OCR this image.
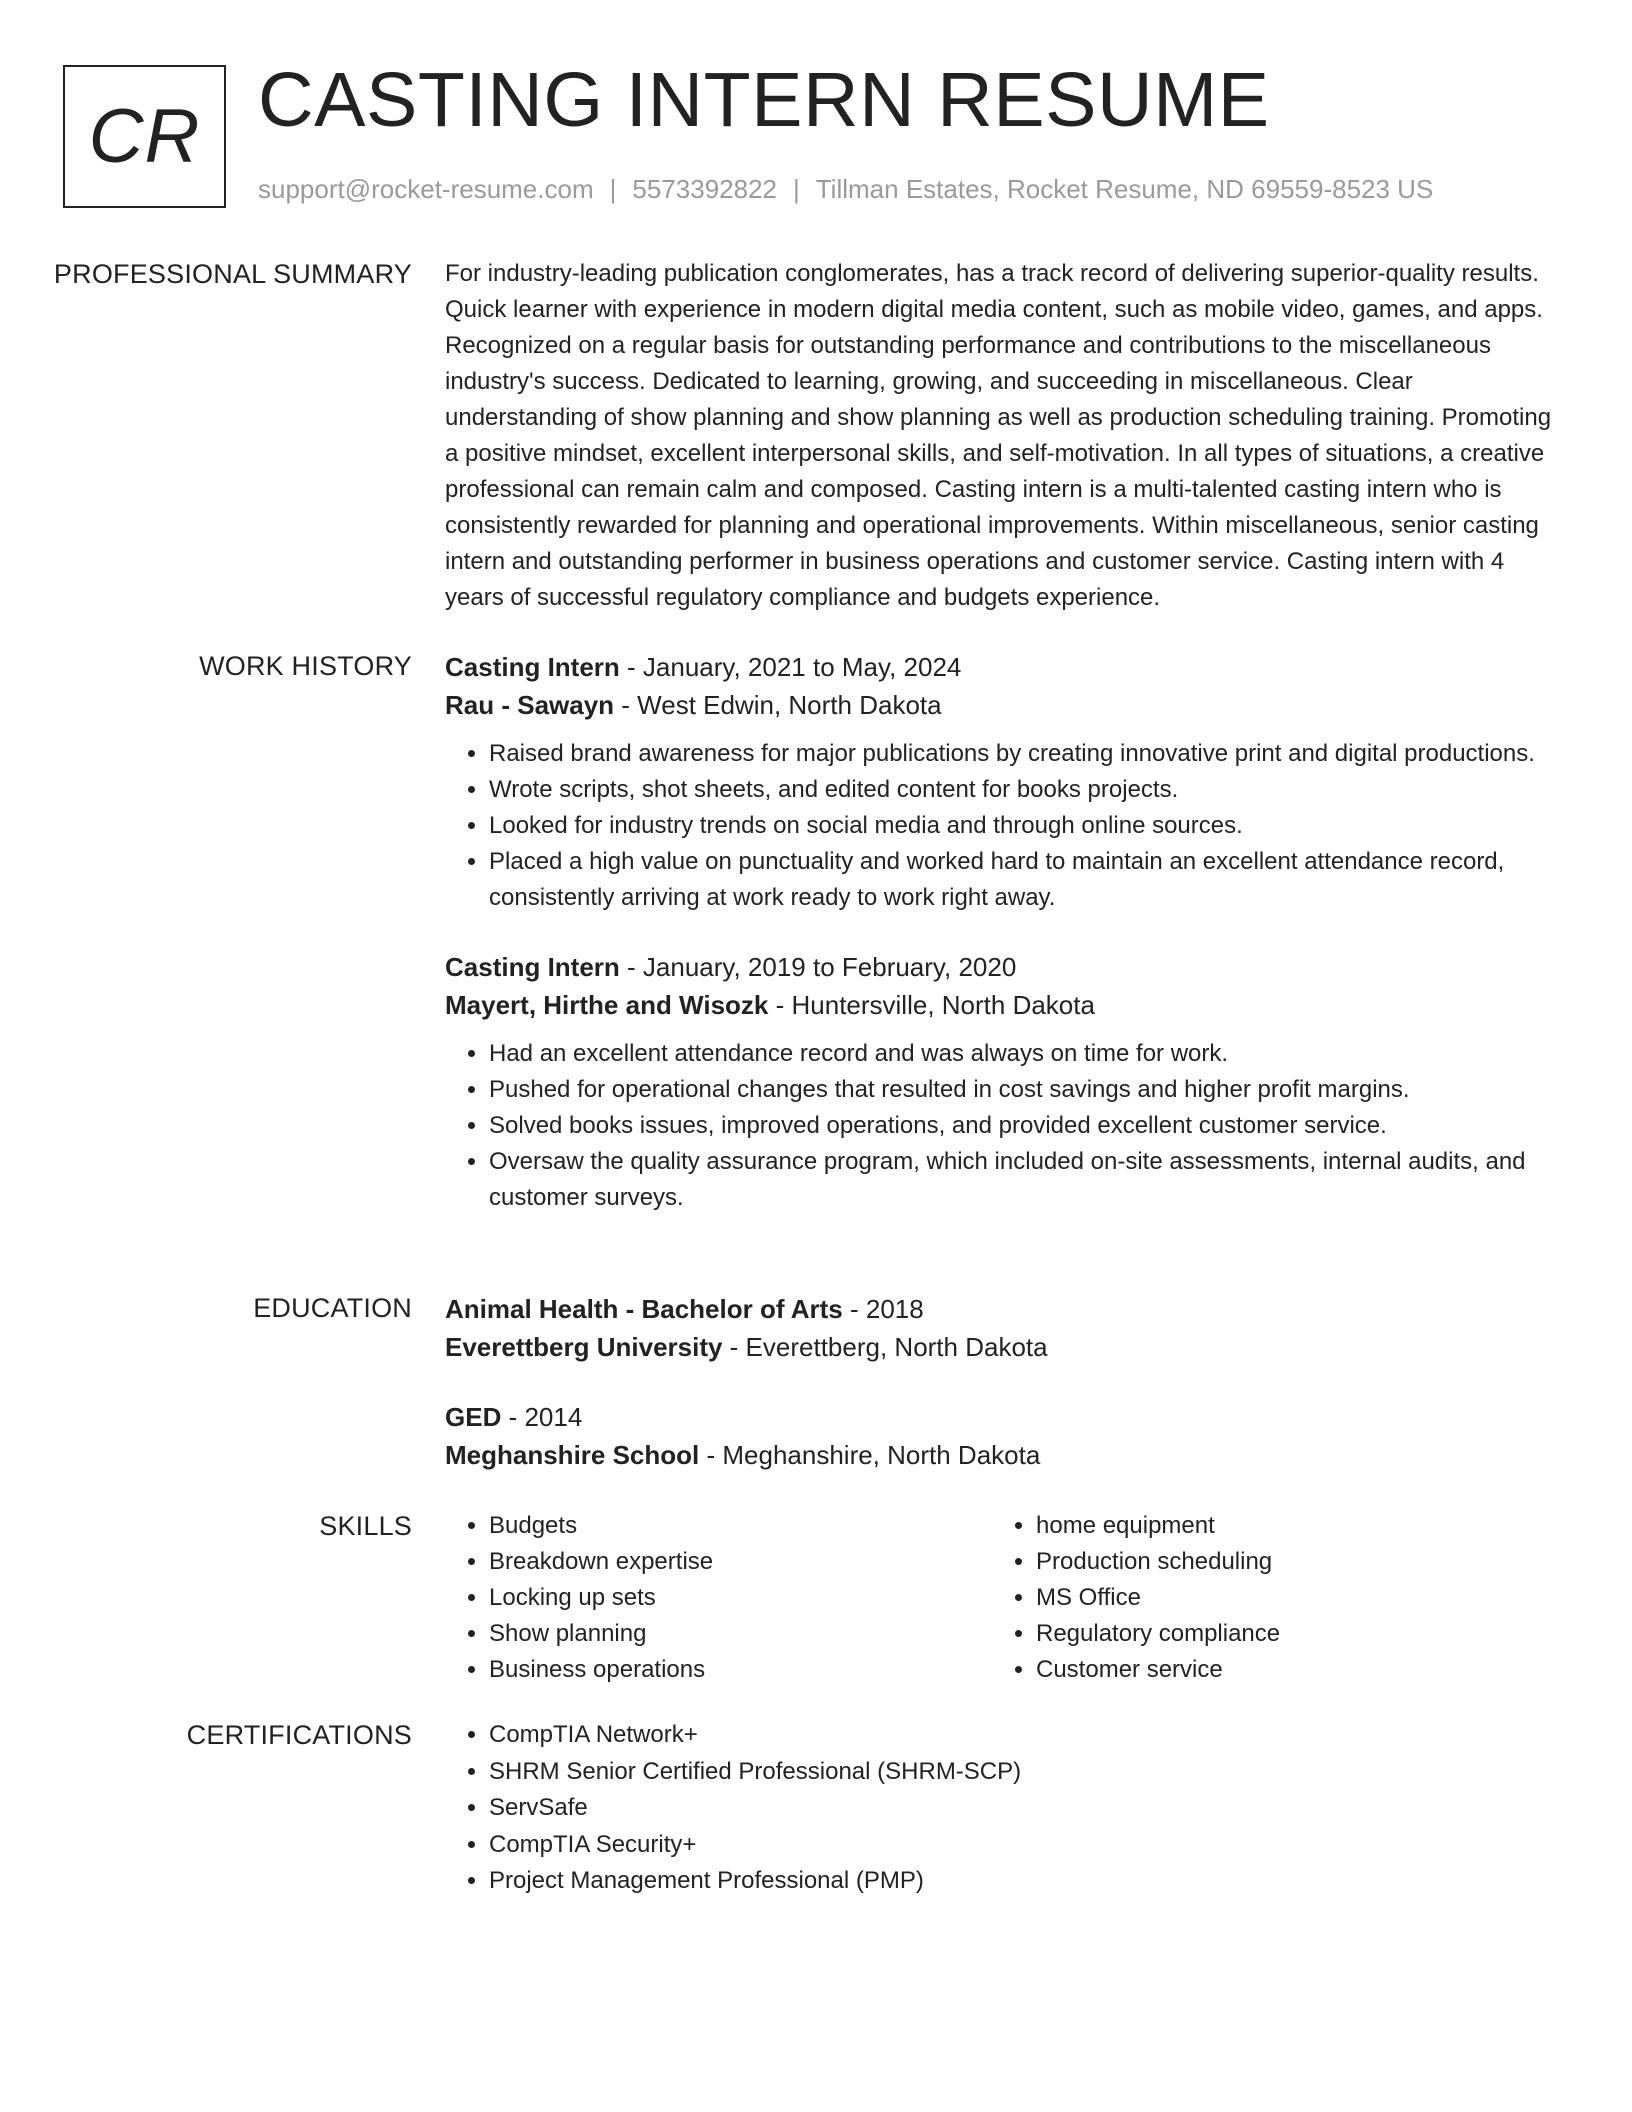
CR CASTING INTERN RESUME
support@rocket-resume.com | 5573392822 | Tillman Estates, Rocket Resume, ND 69559-8523 US
PROFESSIONAL SUMMARY For industry-leading publication conglomerates, has a track record of delivering superior-quality results. Quick learner with experience in modern digital media content, such as mobile video, games, and apps. Recognized on a regular basis for outstanding performance and contributions to the miscellaneous industry's success. Dedicated to learning, growing, and succeeding in miscellaneous. Clear understanding of show planning and show planning as well as production scheduling training. Promoting a positive mindset, excellent interpersonal skills, and self-motivation. In all types of situations, a creative professional can remain calm and composed. Casting intern is a multi-talented casting intern who is consistently rewarded for planning and operational improvements. Within miscellaneous, senior casting intern and outstanding performer in business operations and customer service. Casting intern with 4 years of successful regulatory compliance and budgets experience.

WORK HISTORY Casting Intern - January, 2021 to May, 2024
Rau - Sawayn - West Edwin, North Dakota
• Raised brand awareness for major publications by creating innovative print and digital productions.
• Wrote scripts, shot sheets, and edited content for books projects.
• Looked for industry trends on social media and through online sources.
• Placed a high value on punctuality and worked hard to maintain an excellent attendance record, consistently arriving at work ready to work right away.
Casting Intern - January, 2019 to February, 2020
Mayert, Hirthe and Wisozk - Huntersville, North Dakota
• Had an excellent attendance record and was always on time for work.
• Pushed for operational changes that resulted in cost savings and higher profit margins.
• Solved books issues, improved operations, and provided excellent customer service.
• Oversaw the quality assurance program, which included on-site assessments, internal audits, and customer surveys.
EDUCATION Animal Health - Bachelor of Arts - 2018
Everettberg University - Everettberg, North Dakota
GED - 2014
Meghanshire School - Meghanshire, North Dakota
SKILLS	• Budgets
• Breakdown expertise
• Locking up sets
• Show planning
• Business operations
• home equipment
• Production scheduling
• MS Office
• Regulatory compliance
• Customer service
CERTIFICATIONS	• CompTIA Network+
• SHRM Senior Certified Professional (SHRM-SCP)
• ServSafe
• CompTIA Security+
• Project Management Professional (PMP)
